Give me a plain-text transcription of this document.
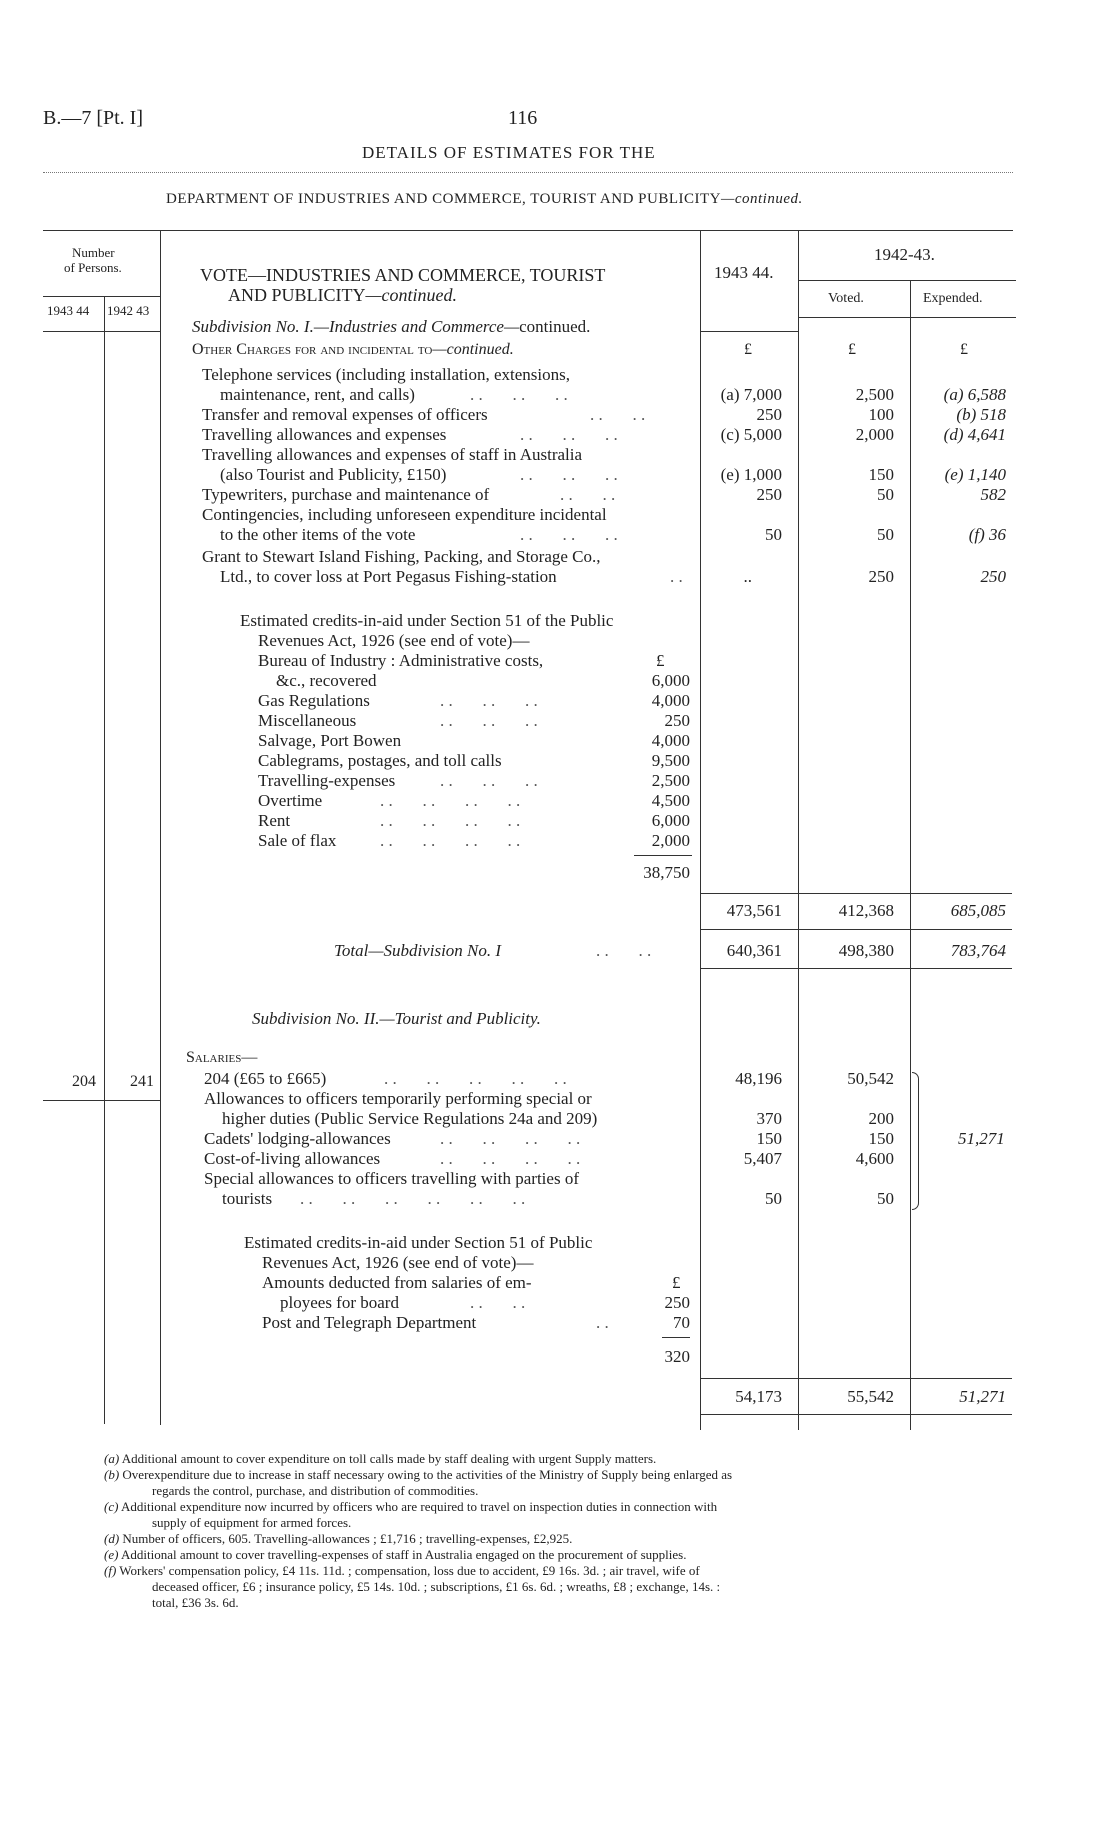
B.—7 [Pt. I]	116
DETAILS OF ESTIMATES FOR THE
DEPARTMENT OF INDUSTRIES AND COMMERCE, TOURIST AND PUBLICITY—continued.
Number
of Persons.
1943 44 1942 43
1943 44.
1942-43.
Voted.	Expended.
VOTE—INDUSTRIES AND COMMERCE, TOURIST
AND PUBLICITY—continued.
Subdivision No. I.—Industries and Commerce—continued.
Other Charges for and incidental to—continued.	£	£	£
Telephone services (including installation, extensions,
maintenance, rent, and calls)	. .       . .       . .	(a) 7,000	2,500	(a) 6,588
Transfer and removal expenses of officers	. .       . .	250	100	(b) 518
Travelling allowances and expenses	. .       . .       . .	(c) 5,000	2,000	(d) 4,641
Travelling allowances and expenses of staff in Australia
(also Tourist and Publicity, £150)	. .       . .       . .	(e) 1,000	150	(e) 1,140
Typewriters, purchase and maintenance of	. .       . .	250	50	582
Contingencies, including unforeseen expenditure incidental
to the other items of the vote	. .       . .       . .	50	50	(f) 36
Grant to Stewart Island Fishing, Packing, and Storage Co.,
Ltd., to cover loss at Port Pegasus Fishing-station	. .	..	250	250
Estimated credits-in-aid under Section 51 of the Public
Revenues Act, 1926 (see end of vote)—
Bureau of Industry : Administrative costs,	£
&c., recovered	6,000
Gas Regulations	4,000
Miscellaneous	250
Salvage, Port Bowen	4,000
Cablegrams, postages, and toll calls	9,500
Travelling-expenses	2,500
Overtime	4,500
Rent	6,000
Sale of flax	2,000
. .       . .       . .
. .       . .       . .
. .       . .       . .
. .       . .       . .       . .
. .       . .       . .       . .
. .       . .       . .       . .
38,750
473,561	412,368	685,085
Total—Subdivision No. I	. .       . .	640,361	498,380	783,764
Subdivision No. II.—Tourist and Publicity.
Salaries—
204 241	204 (£65 to £665)	. .       . .       . .       . .       . .	48,196	50,542
Allowances to officers temporarily performing special or
higher duties (Public Service Regulations 24a and 209)	370	200
Cadets' lodging-allowances	. .       . .       . .       . .	150	150
Cost-of-living allowances	. .       . .       . .       . .	5,407	4,600
Special allowances to officers travelling with parties of
tourists . .       . .       . .       . .       . .       . .	50	50
51,271
Estimated credits-in-aid under Section 51 of Public
Revenues Act, 1926 (see end of vote)—
Amounts deducted from salaries of em-	£
ployees for board	. .       . .	250
Post and Telegraph Department	. .	70
320
54,173	55,542	51,271
(a) Additional amount to cover expenditure on toll calls made by staff dealing with urgent Supply matters.
(b) Overexpenditure due to increase in staff necessary owing to the activities of the Ministry of Supply being enlarged as
regards the control, purchase, and distribution of commodities.
(c) Additional expenditure now incurred by officers who are required to travel on inspection duties in connection with
supply of equipment for armed forces.
(d) Number of officers, 605. Travelling-allowances ; £1,716 ; travelling-expenses, £2,925.
(e) Additional amount to cover travelling-expenses of staff in Australia engaged on the procurement of supplies.
(f) Workers' compensation policy, £4 11s. 11d. ; compensation, loss due to accident, £9 16s. 3d. ; air travel, wife of
deceased officer, £6 ; insurance policy, £5 14s. 10d. ; subscriptions, £1 6s. 6d. ; wreaths, £8 ; exchange, 14s. :
total, £36 3s. 6d.
